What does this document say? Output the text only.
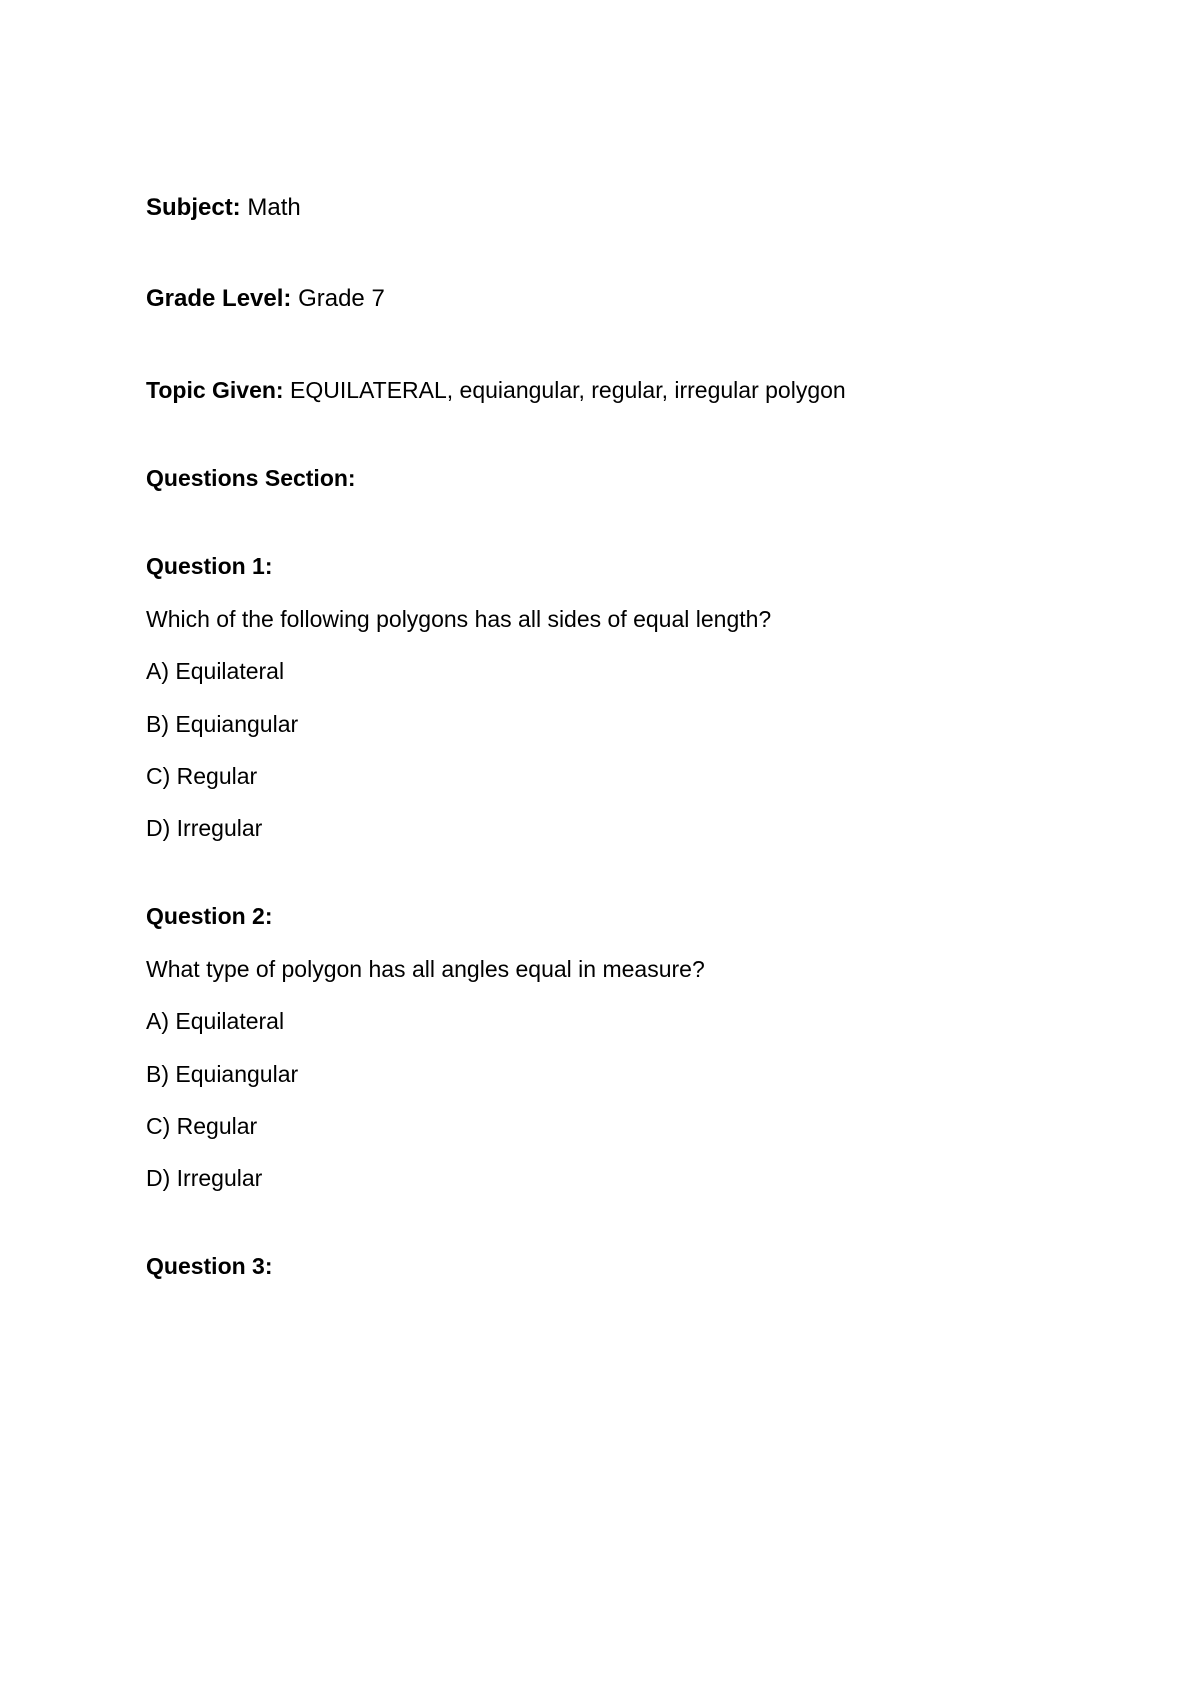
Subject: Math
Grade Level: Grade 7
Topic Given: EQUILATERAL, equiangular, regular, irregular polygon
Questions Section:
Question 1:
Which of the following polygons has all sides of equal length?
A) Equilateral
B) Equiangular
C) Regular
D) Irregular
Question 2:
What type of polygon has all angles equal in measure?
A) Equilateral
B) Equiangular
C) Regular
D) Irregular
Question 3:
